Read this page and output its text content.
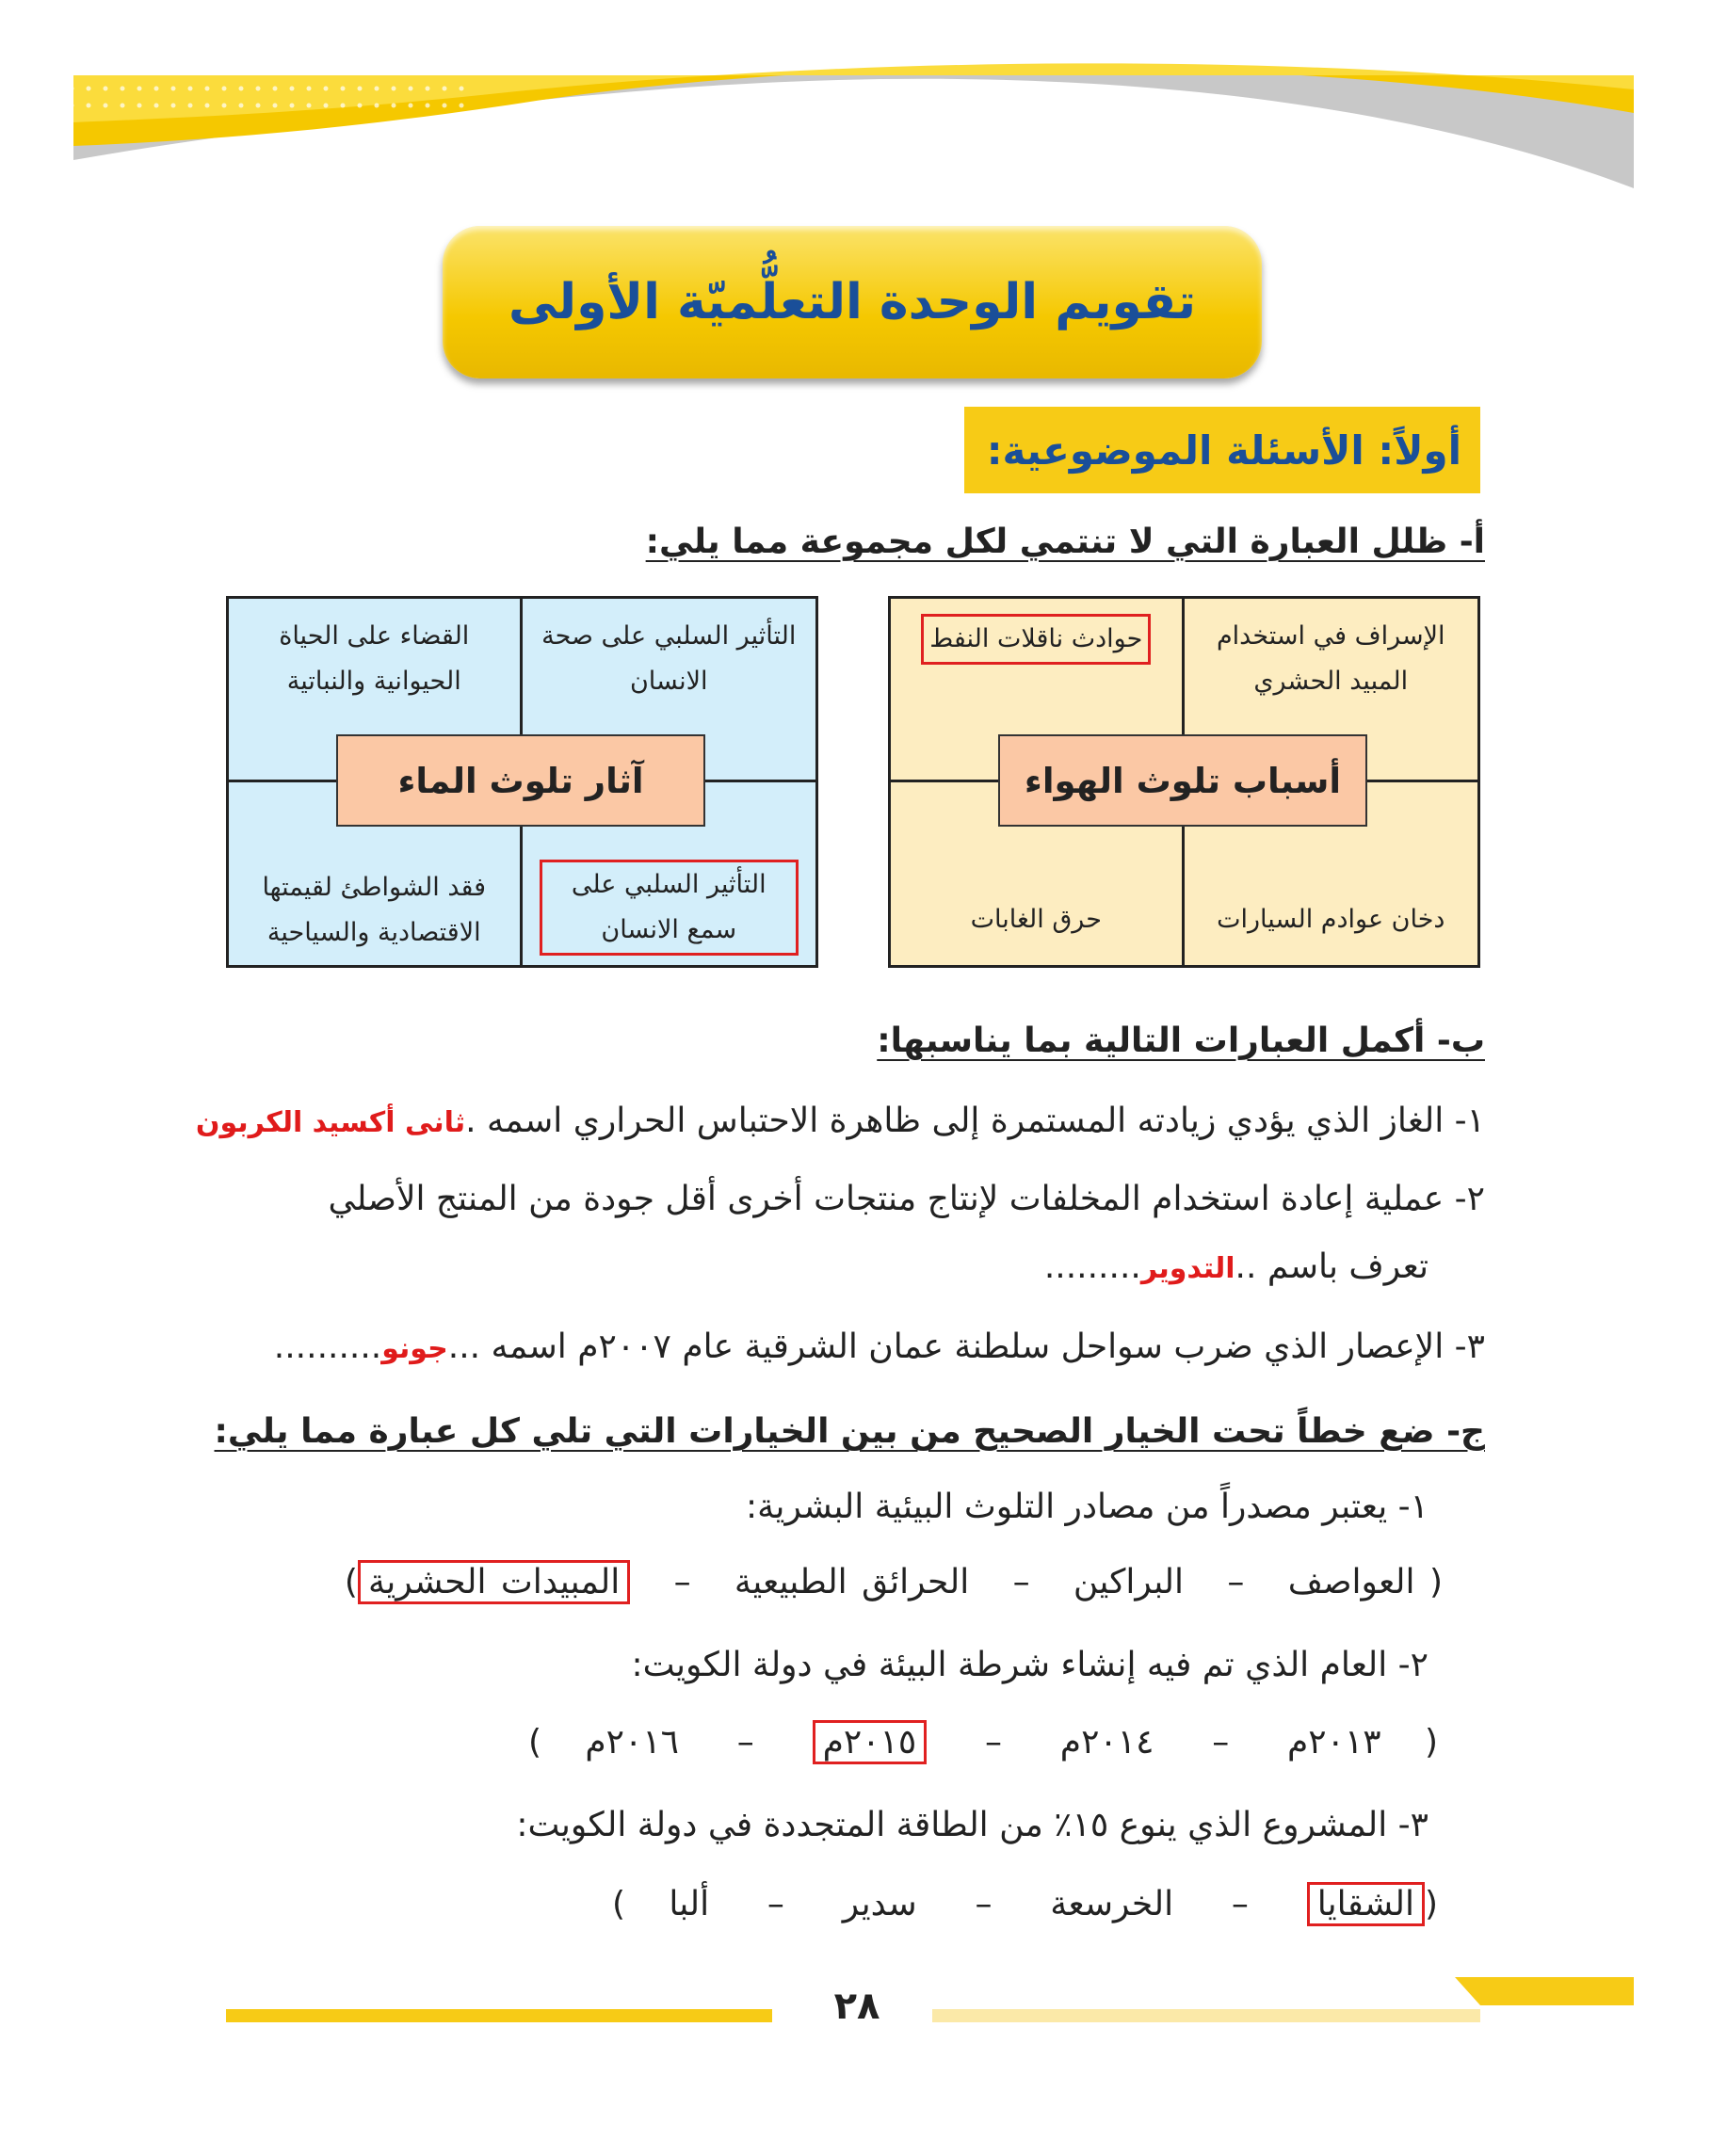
تقويم الوحدة التعلُّميّة الأولى
أولاً: الأسئلة الموضوعية:
أ- ظلل العبارة التي لا تنتمي لكل مجموعة مما يلي:
حوادث ناقلات النفط	الإسراف في استخدام المبيد الحشري
حرق الغابات	دخان عوادم السيارات
أسباب تلوث الهواء
القضاء على الحياة الحيوانية والنباتية
التأثير السلبي على صحة الانسان
فقد الشواطئ لقيمتها الاقتصادية والسياحية
التأثير السلبي على سمع الانسان
آثار تلوث الماء
ب- أكمل العبارات التالية بما يناسبها:
١- الغاز الذي يؤدي زيادته المستمرة إلى ظاهرة الاحتباس الحراري اسمه .ثانى أكسيد الكربون
٢- عملية إعادة استخدام المخلفات لإنتاج منتجات أخرى أقل جودة من المنتج الأصلي
تعرف باسم ..التدوير.........
٣- الإعصار الذي ضرب سواحل سلطنة عمان الشرقية عام ٢٠٠٧م اسمه ...جونو..........
ج- ضع خطاً تحت الخيار الصحيح من بين الخيارات التي تلي كل عبارة مما يلي:
١- يعتبر مصدراً من مصادر التلوث البيئية البشرية:
( العواصف   –   البراكين   –   الحرائق الطبيعية   –   المبيدات الحشرية)
٢- العام الذي تم فيه إنشاء شرطة البيئة في دولة الكويت:
(   ٢٠١٣م    –    ٢٠١٤م    –    ٢٠١٥م    –    ٢٠١٦م   )
٣- المشروع الذي ينوع ١٥٪ من الطاقة المتجددة في دولة الكويت:
(الشقايا    –    الخرسعة    –    سدير    –    ألبا   )
٢٨
